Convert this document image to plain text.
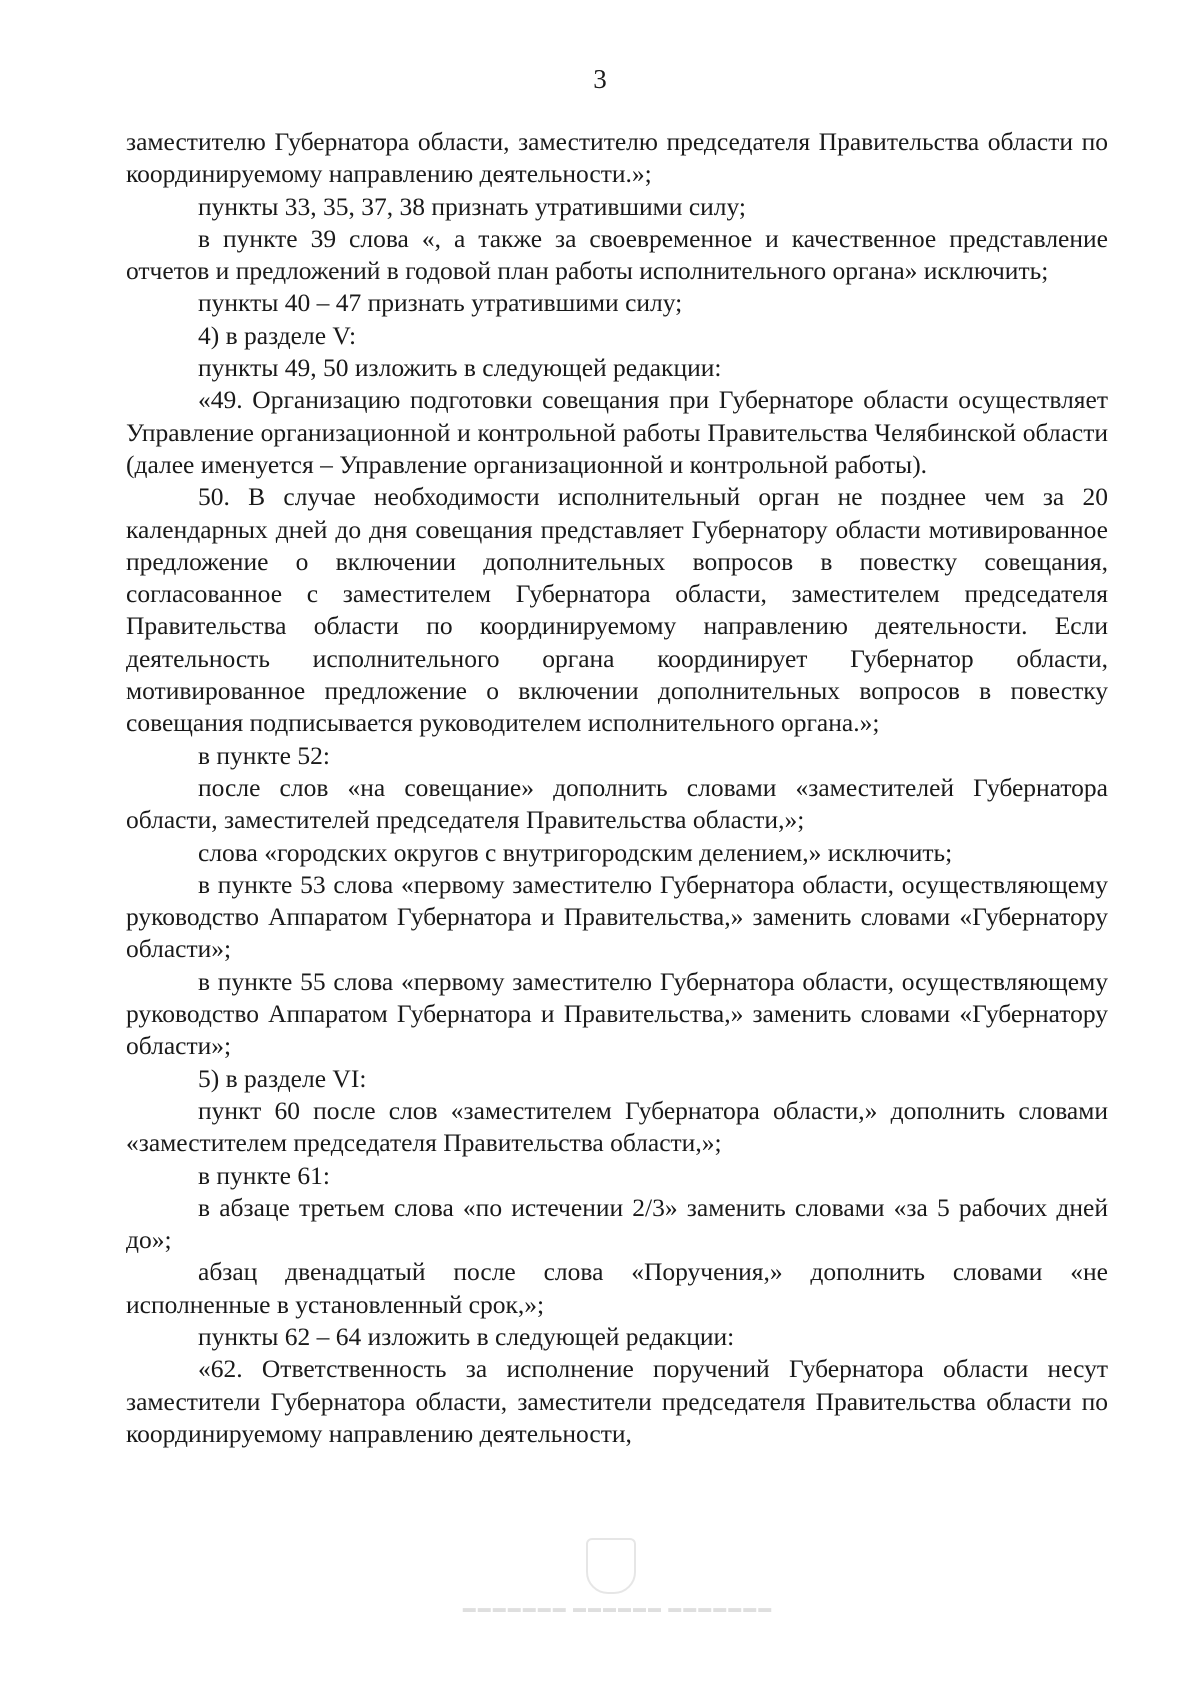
3

заместителю Губернатора области, заместителю председателя Правительства области по координируемому направлению деятельности.»;

пункты 33, 35, 37, 38 признать утратившими силу;

в пункте 39 слова «, а также за своевременное и качественное представление отчетов и предложений в годовой план работы исполнительного органа» исключить;

пункты 40 – 47 признать утратившими силу;

4) в разделе V:

пункты 49, 50 изложить в следующей редакции:

«49. Организацию подготовки совещания при Губернаторе области осуществляет Управление организационной и контрольной работы Правительства Челябинской области (далее именуется – Управление организационной и контрольной работы).

50. В случае необходимости исполнительный орган не позднее чем за 20 календарных дней до дня совещания представляет Губернатору области мотивированное предложение о включении дополнительных вопросов в повестку совещания, согласованное с заместителем Губернатора области, заместителем председателя Правительства области по координируемому направлению деятельности. Если деятельность исполнительного органа координирует Губернатор области, мотивированное предложение о включении дополнительных вопросов в повестку совещания подписывается руководителем исполнительного органа.»;

в пункте 52:

после слов «на совещание» дополнить словами «заместителей Губернатора области, заместителей председателя Правительства области,»;

слова «городских округов с внутригородским делением,» исключить;

в пункте 53 слова «первому заместителю Губернатора области, осуществляющему руководство Аппаратом Губернатора и Правительства,» заменить словами «Губернатору области»;

в пункте 55 слова «первому заместителю Губернатора области, осуществляющему руководство Аппаратом Губернатора и Правительства,» заменить словами «Губернатору области»;

5) в разделе VI:

пункт 60 после слов «заместителем Губернатора области,» дополнить словами «заместителем председателя Правительства области,»;

в пункте 61:

в абзаце третьем слова «по истечении 2/3» заменить словами «за 5 рабочих дней до»;

абзац двенадцатый после слова «Поручения,» дополнить словами «не исполненные в установленный срок,»;

пункты 62 – 64 изложить в следующей редакции:

«62. Ответственность за исполнение поручений Губернатора области несут заместители Губернатора области, заместители председателя Правительства области по координируемому направлению деятельности,

▬▬▬▬▬▬▬ ▬▬▬▬▬▬ ▬▬▬▬▬▬▬
